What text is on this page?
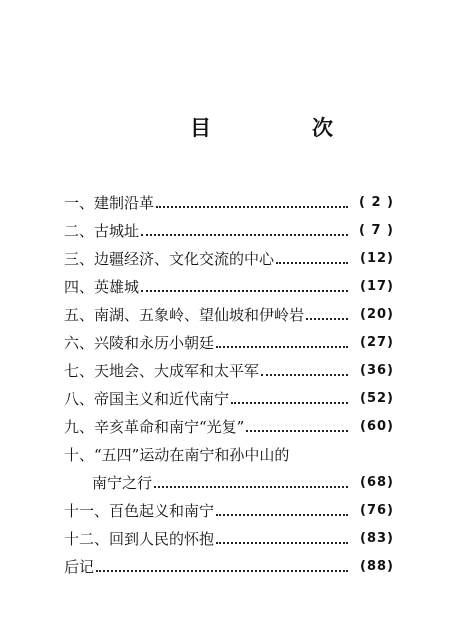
目　次
一、 建制沿革	( 2 )
二、 古城址	( 7 )
三、 边疆经济、文化交流的中心	(12)
四、 英雄城	(17)
五、 南湖、五象岭、望仙坡和伊岭岩	(20)
六、 兴陵和永历小朝廷	(27)
七、 天地会、大成军和太平军	(36)
八、 帝国主义和近代南宁	(52)
九、 辛亥革命和南宁“光复”	(60)
十、 “五四”运动在南宁和孙中山的
南宁之行	(68)
十一、 百色起义和南宁	(76)
十二、 回到人民的怀抱	(83)
后记	(88)
